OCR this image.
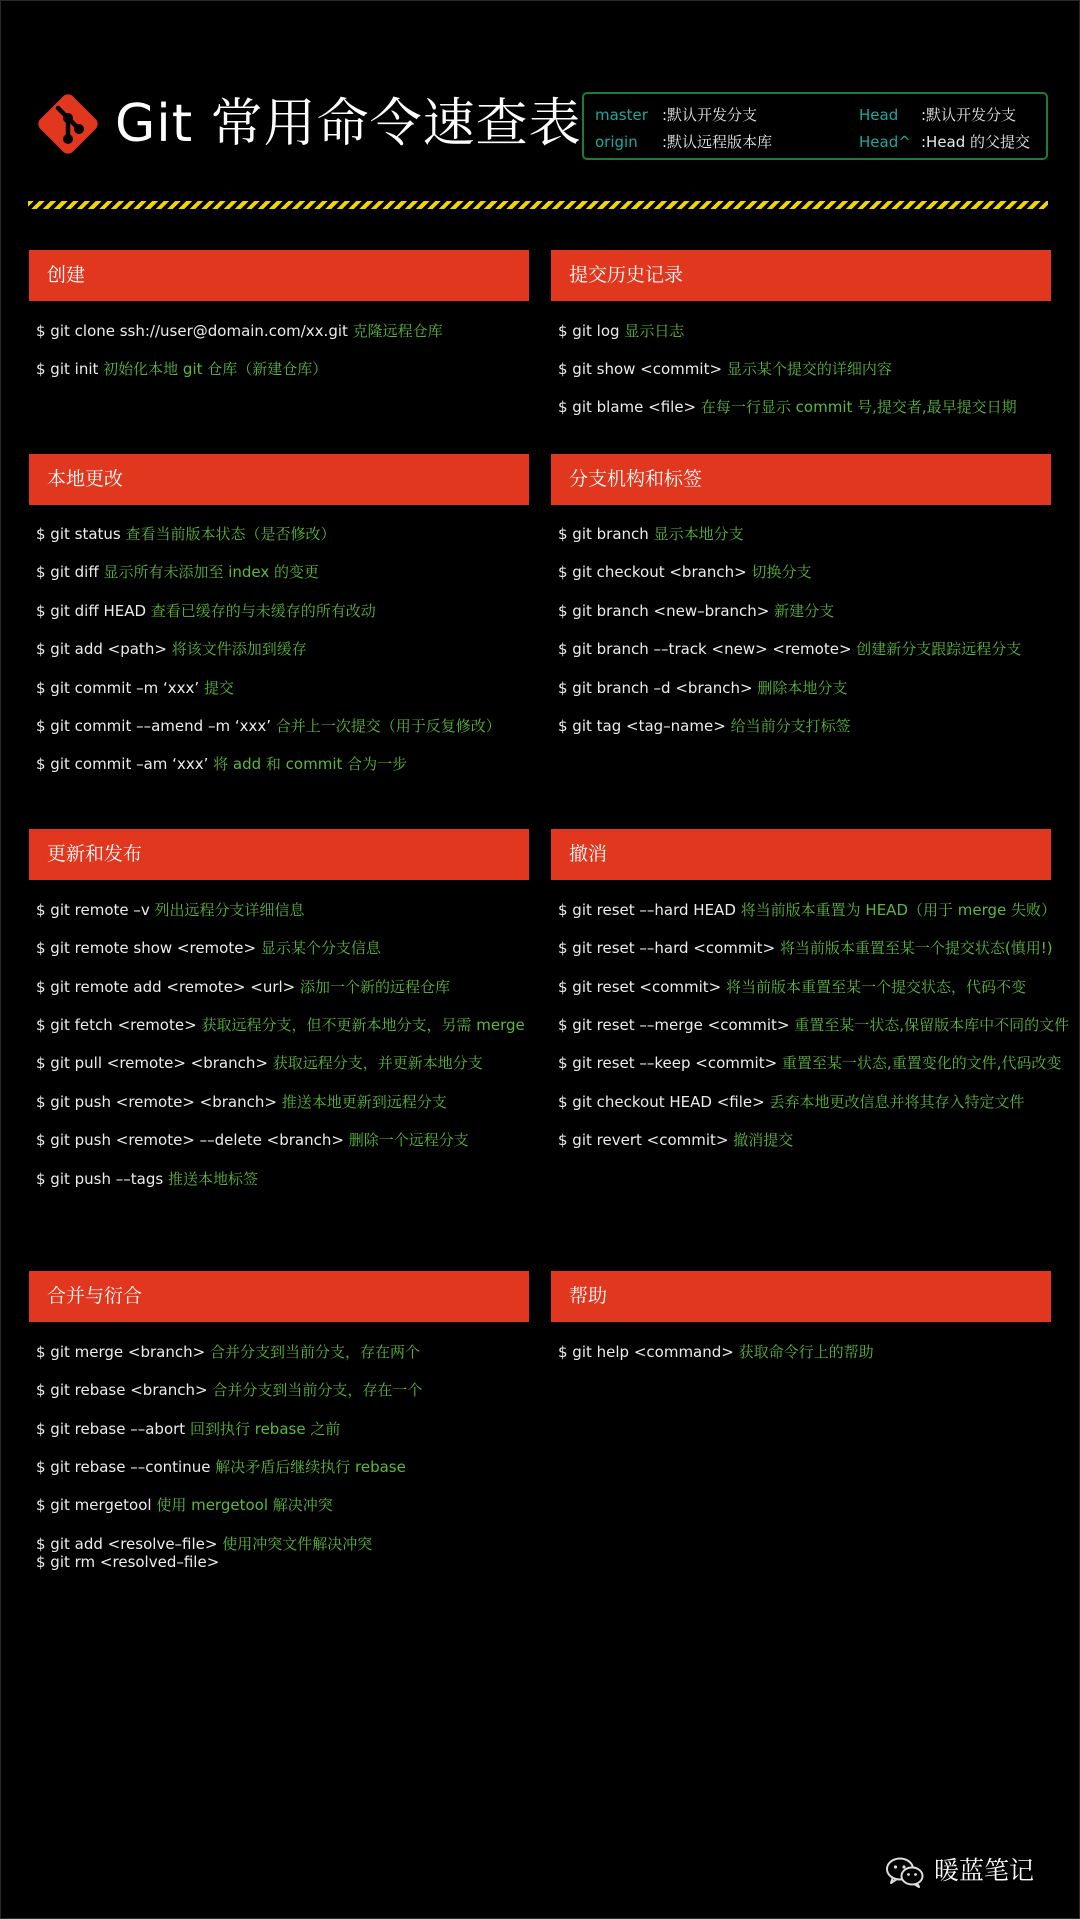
Git 常用命令速查表 master :默认开发分支
origin :默认远程版本库
Head :默认开发分支
Head^ :Head 的父提交
创建
$ git clone ssh://user@domain.com/xx.git 克隆远程仓库
$ git init 初始化本地 git 仓库（新建仓库）
提交历史记录
$ git log 显示日志
$ git show <commit> 显示某个提交的详细内容
$ git blame <file> 在每一行显示 commit 号,提交者,最早提交日期
本地更改
$ git status 查看当前版本状态（是否修改）
$ git diff 显示所有未添加至 index 的变更
$ git diff HEAD 查看已缓存的与未缓存的所有改动
$ git add <path> 将该文件添加到缓存
$ git commit –m ‘xxx’ 提交
$ git commit ––amend –m ‘xxx’ 合并上一次提交（用于反复修改）
$ git commit –am ‘xxx’ 将 add 和 commit 合为一步
分支机构和标签
$ git branch 显示本地分支
$ git checkout <branch> 切换分支
$ git branch <new–branch> 新建分支
$ git branch ––track <new> <remote> 创建新分支跟踪远程分支
$ git branch –d <branch> 删除本地分支
$ git tag <tag–name> 给当前分支打标签
更新和发布
$ git remote –v 列出远程分支详细信息
$ git remote show <remote> 显示某个分支信息
$ git remote add <remote> <url> 添加一个新的远程仓库
$ git fetch <remote> 获取远程分支，但不更新本地分支，另需 merge
$ git pull <remote> <branch> 获取远程分支，并更新本地分支
$ git push <remote> <branch> 推送本地更新到远程分支
$ git push <remote> ––delete <branch> 删除一个远程分支
$ git push ––tags 推送本地标签
撤消
$ git reset ––hard HEAD 将当前版本重置为 HEAD（用于 merge 失败）
$ git reset ––hard <commit> 将当前版本重置至某一个提交状态(慎用!)
$ git reset <commit> 将当前版本重置至某一个提交状态，代码不变
$ git reset ––merge <commit> 重置至某一状态,保留版本库中不同的文件
$ git reset ––keep <commit> 重置至某一状态,重置变化的文件,代码改变
$ git checkout HEAD <file> 丢弃本地更改信息并将其存入特定文件
$ git revert <commit> 撤消提交
合并与衍合
$ git merge <branch> 合并分支到当前分支，存在两个
$ git rebase <branch> 合并分支到当前分支，存在一个
$ git rebase ––abort 回到执行 rebase 之前
$ git rebase ––continue 解决矛盾后继续执行 rebase
$ git mergetool 使用 mergetool 解决冲突
$ git add <resolve–file> 使用冲突文件解决冲突
$ git rm <resolved–file>
帮助
$ git help <command> 获取命令行上的帮助
暖蓝笔记
